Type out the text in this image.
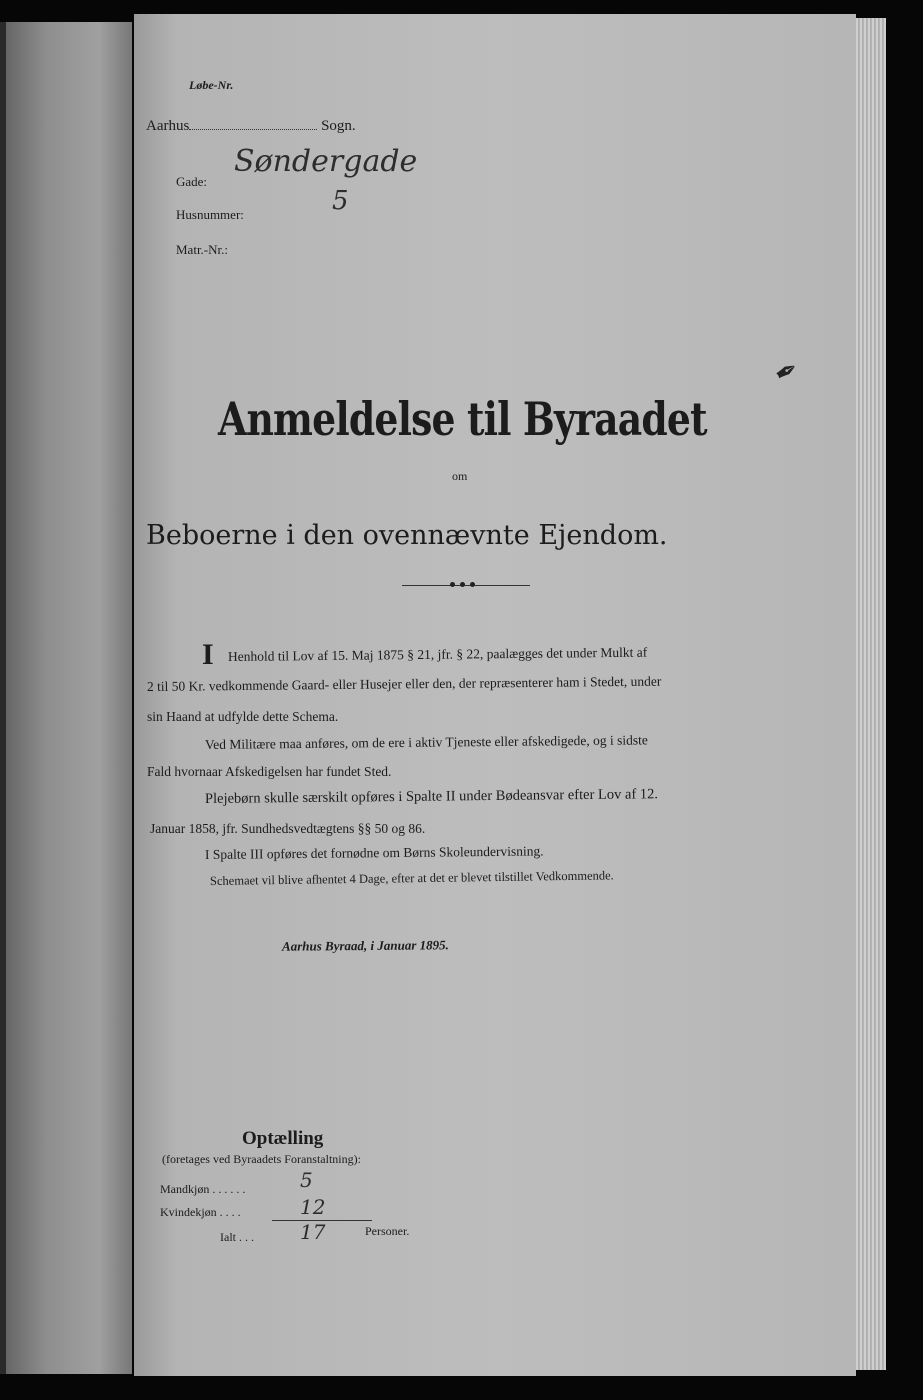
Løbe-Nr.
Aarhus	Sogn.
Gade:
Søndergade
Husnummer:	5
Matr.-Nr.:
Anmeldelse til Byraadet
om
Beboerne i den ovennævnte Ejendom.
I Henhold til Lov af 15. Maj 1875 § 21, jfr. § 22, paalægges det under Mulkt af
2 til 50 Kr. vedkommende Gaard- eller Husejer eller den, der repræsenterer ham i Stedet, under
sin Haand at udfylde dette Schema.
Ved Militære maa anføres, om de ere i aktiv Tjeneste eller afskedigede, og i sidste
Fald hvornaar Afskedigelsen har fundet Sted.
Plejebørn skulle særskilt opføres i Spalte II under Bødeansvar efter Lov af 12.
Januar 1858, jfr. Sundhedsvedtægtens §§ 50 og 86.
I Spalte III opføres det fornødne om Børns Skoleundervisning.
Schemaet vil blive afhentet 4 Dage, efter at det er blevet tilstillet Vedkommende.
Aarhus Byraad, i Januar 1895.
Optælling
(foretages ved Byraadets Foranstaltning):
Mandkjøn . . . . . .	5
Kvindekjøn . . . .	12
Ialt . . . 17	Personer.
✒
